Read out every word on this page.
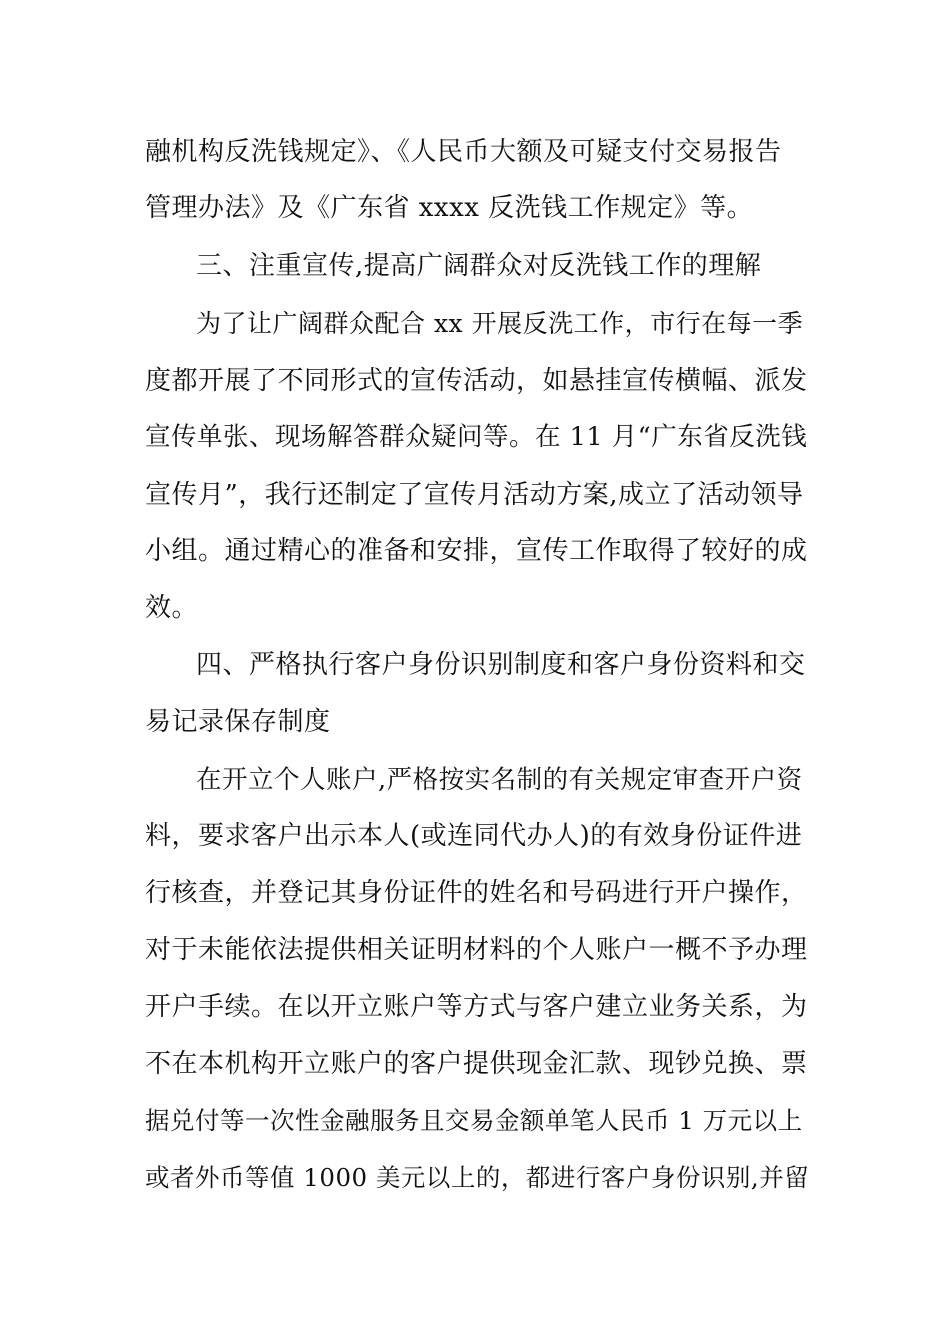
融机构反洗钱规定》、《人民币大额及可疑支付交易报告
管理办法》及《广东省 xxxx 反洗钱工作规定》等。
三、注重宣传,提高广阔群众对反洗钱工作的理解
为了让广阔群众配合 xx 开展反洗工作，市行在每一季
度都开展了不同形式的宣传活动，如悬挂宣传横幅、派发
宣传单张、现场解答群众疑问等。在 11 月“广东省反洗钱
宣传月”，我行还制定了宣传月活动方案,成立了活动领导
小组。通过精心的准备和安排，宣传工作取得了较好的成
效。
四、严格执行客户身份识别制度和客户身份资料和交
易记录保存制度
在开立个人账户,严格按实名制的有关规定审查开户资
料，要求客户出示本人(或连同代办人)的有效身份证件进
行核查，并登记其身份证件的姓名和号码进行开户操作，
对于未能依法提供相关证明材料的个人账户一概不予办理
开户手续。在以开立账户等方式与客户建立业务关系，为
不在本机构开立账户的客户提供现金汇款、现钞兑换、票
据兑付等一次性金融服务且交易金额单笔人民币 1 万元以上
或者外币等值 1000 美元以上的，都进行客户身份识别,并留
